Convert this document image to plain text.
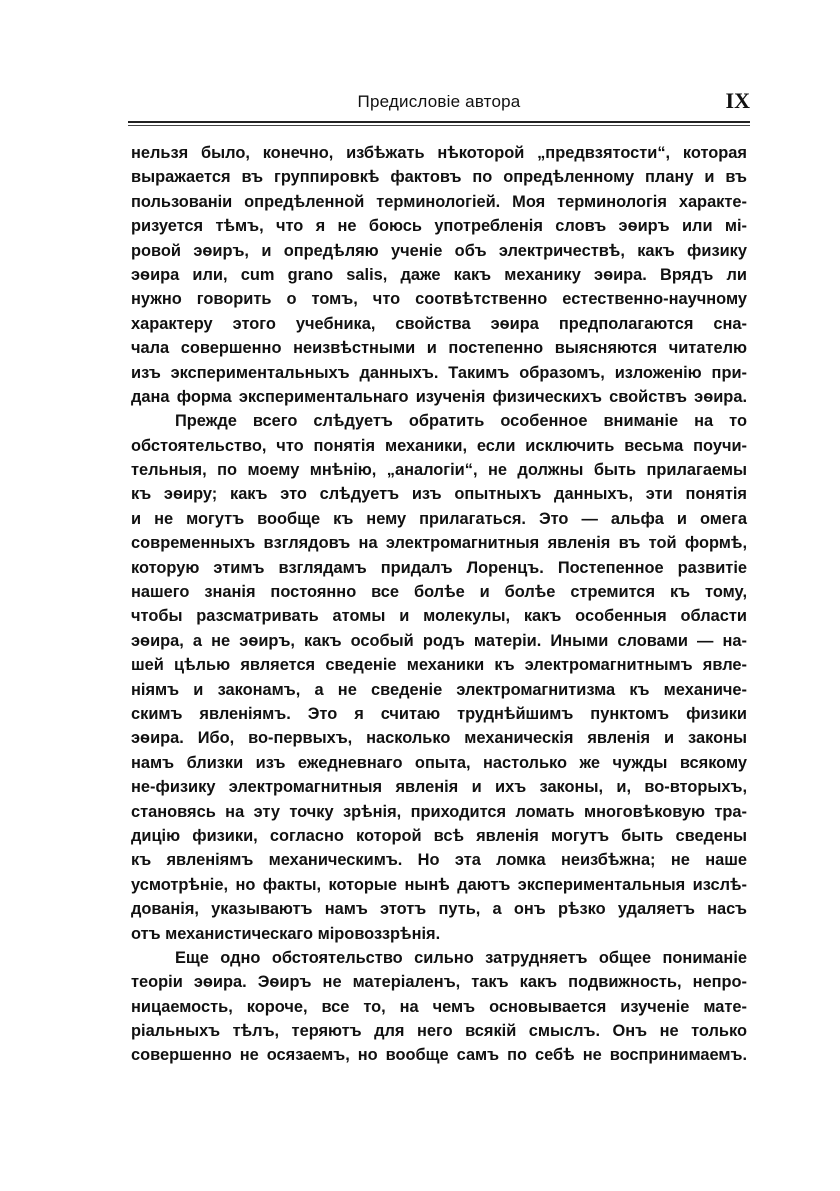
Предисловіе автора	IX
нельзя было, конечно, избѣжать нѣкоторой „предвзятости“, которая
выражается въ группировкѣ фактовъ по опредѣленному плану и въ
пользованіи опредѣленной терминологіей. Моя терминологія характе-
ризуется тѣмъ, что я не боюсь употребленія словъ эѳиръ или мі-
ровой эѳиръ, и опредѣляю ученіе объ электричествѣ, какъ физику
эѳира или, cum grano salis, даже какъ механику эѳира. Врядъ ли
нужно говорить о томъ, что соотвѣтственно естественно-научному
характеру этого учебника, свойства эѳира предполагаются сна-
чала совершенно неизвѣстными и постепенно выясняются читателю
изъ экспериментальныхъ данныхъ. Такимъ образомъ, изложенію при-
дана форма экспериментальнаго изученія физическихъ свойствъ эѳира.
Прежде всего слѣдуетъ обратить особенное вниманіе на то
обстоятельство, что понятія механики, если исключить весьма поучи-
тельныя, по моему мнѣнію, „аналогіи“, не должны быть прилагаемы
къ эѳиру; какъ это слѣдуетъ изъ опытныхъ данныхъ, эти понятія
и не могутъ вообще къ нему прилагаться. Это — альфа и омега
современныхъ взглядовъ на электромагнитныя явленія въ той формѣ,
которую этимъ взглядамъ придалъ Лоренцъ. Постепенное развитіе
нашего знанія постоянно все болѣе и болѣе стремится къ тому,
чтобы разсматривать атомы и молекулы, какъ особенныя области
эѳира, а не эѳиръ, какъ особый родъ матеріи. Иными словами — на-
шей цѣлью является сведеніе механики къ электромагнитнымъ явле-
ніямъ и законамъ, а не сведеніе электромагнитизма къ механиче-
скимъ явленіямъ. Это я считаю труднѣйшимъ пунктомъ физики
эѳира. Ибо, во-первыхъ, насколько механическія явленія и законы
намъ близки изъ ежедневнаго опыта, настолько же чужды всякому
не-физику электромагнитныя явленія и ихъ законы, и, во-вторыхъ,
становясь на эту точку зрѣнія, приходится ломать многовѣковую тра-
дицію физики, согласно которой всѣ явленія могутъ быть сведены
къ явленіямъ механическимъ. Но эта ломка неизбѣжна; не наше
усмотрѣніе, но факты, которые нынѣ даютъ экспериментальныя изслѣ-
дованія, указываютъ намъ этотъ путь, а онъ рѣзко удаляетъ насъ
отъ механистическаго міровоззрѣнія.
Еще одно обстоятельство сильно затрудняетъ общее пониманіе
теоріи эѳира. Эѳиръ не матеріаленъ, такъ какъ подвижность, непро-
ницаемость, короче, все то, на чемъ основывается изученіе мате-
ріальныхъ тѣлъ, теряютъ для него всякій смыслъ. Онъ не только
совершенно не осязаемъ, но вообще самъ по себѣ не воспринимаемъ.
